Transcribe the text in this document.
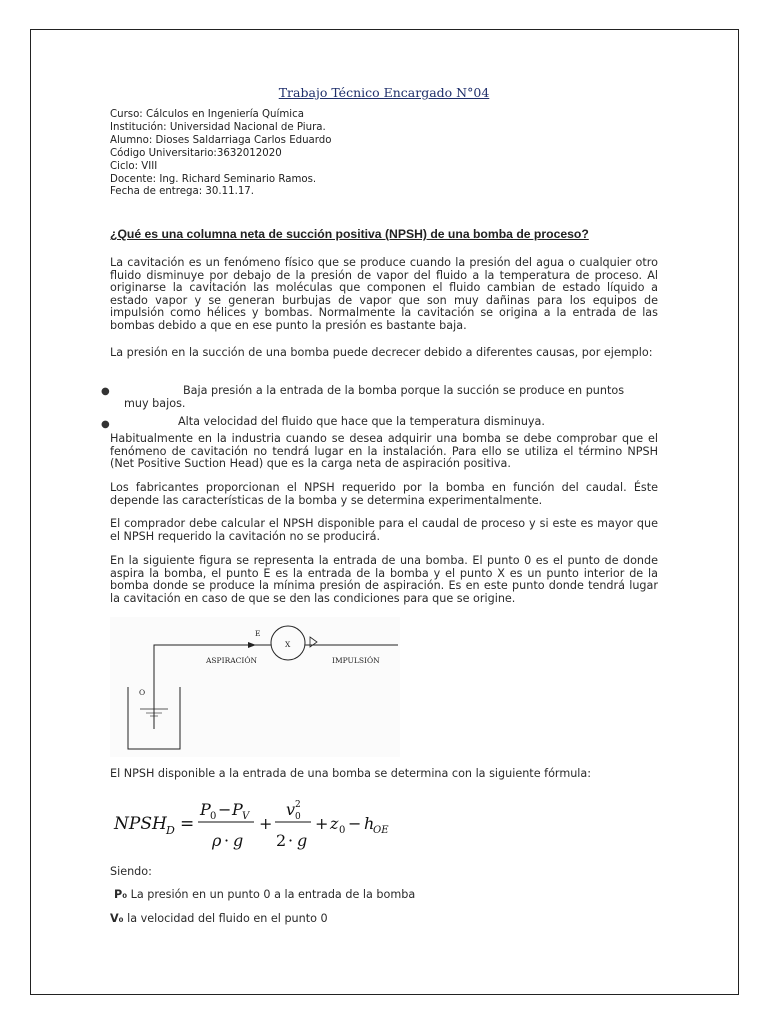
Trabajo Técnico Encargado N°04
Curso: Cálculos en Ingeniería Química
Institución: Universidad Nacional de Piura.
Alumno: Dioses Saldarriaga Carlos Eduardo
Código Universitario:3632012020
Ciclo: VIII
Docente: Ing. Richard Seminario Ramos.
Fecha de entrega: 30.11.17.
¿Qué es una columna neta de succión positiva (NPSH) de una bomba de proceso?
La cavitación es un fenómeno físico que se produce cuando la presión del agua o cualquier otro fluido disminuye por debajo de la presión de vapor del fluido a la temperatura de proceso. Al originarse la cavitación las moléculas que componen el fluido cambian de estado líquido a estado vapor y se generan burbujas de vapor que son muy dañinas para los equipos de impulsión como hélices y bombas. Normalmente la cavitación se origina a la entrada de las bombas debido a que en ese punto la presión es bastante baja.
La presión en la succión de una bomba puede decrecer debido a diferentes causas, por ejemplo:
●	Baja presión a la entrada de la bomba porque la succión se produce en puntos
muy bajos.
●	Alta velocidad del fluido que hace que la temperatura disminuya.
Habitualmente en la industria cuando se desea adquirir una bomba se debe comprobar que el fenómeno de cavitación no tendrá lugar en la instalación. Para ello se utiliza el término NPSH (Net Positive Suction Head) que es la carga neta de aspiración positiva.
Los fabricantes proporcionan el NPSH requerido por la bomba en función del caudal. Éste depende las características de la bomba y se determina experimentalmente.
El comprador debe calcular el NPSH disponible para el caudal de proceso y si este es mayor que el NPSH requerido la cavitación no se producirá.
En la siguiente figura se representa la entrada de una bomba. El punto 0 es el punto de donde aspira la bomba, el punto E es la entrada de la bomba y el punto X es un punto interior de la bomba donde se produce la mínima presión de aspiración. Es en este punto donde tendrá lugar la cavitación en caso de que se den las condiciones para que se origine.
E
X
O
ASPIRACIÓN	IMPULSIÓN
El NPSH disponible a la entrada de una bomba se determina con la siguiente fórmula:
NPSH D =
P 0 − P V
ρ · g
+
v 2
0
2 · g
+ z 0 − h
OE
Siendo:
P₀ La presión en un punto 0 a la entrada de la bomba
V₀ la velocidad del fluido en el punto 0
